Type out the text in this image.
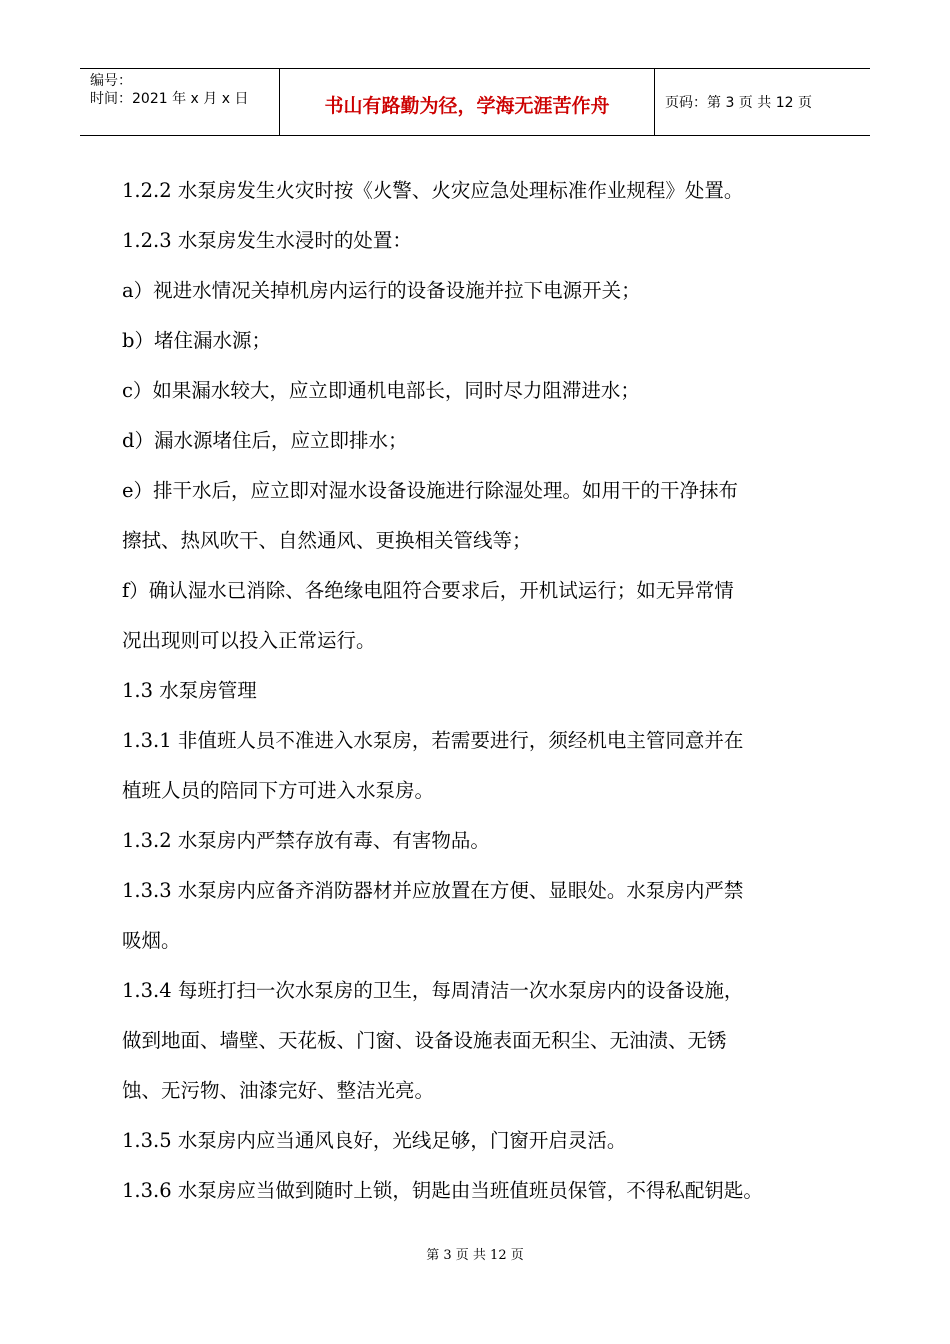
编号：
时间：2021 年 x 月 x 日	书山有路勤为径，学海无涯苦作舟	页码：第 3 页 共 12 页

1.2.2 水泵房发生火灾时按《火警、火灾应急处理标准作业规程》处置。

1.2.3 水泵房发生水浸时的处置：

a）视进水情况关掉机房内运行的设备设施并拉下电源开关；

b）堵住漏水源；

c）如果漏水较大，应立即通机电部长，同时尽力阻滞进水；

d）漏水源堵住后，应立即排水；

e）排干水后，应立即对湿水设备设施进行除湿处理。如用干的干净抹布

擦拭、热风吹干、自然通风、更换相关管线等；

f）确认湿水已消除、各绝缘电阻符合要求后，开机试运行；如无异常情

况出现则可以投入正常运行。

1.3 水泵房管理

1.3.1 非值班人员不准进入水泵房，若需要进行，须经机电主管同意并在

植班人员的陪同下方可进入水泵房。

1.3.2 水泵房内严禁存放有毒、有害物品。

1.3.3 水泵房内应备齐消防器材并应放置在方便、显眼处。水泵房内严禁

吸烟。

1.3.4 每班打扫一次水泵房的卫生，每周清洁一次水泵房内的设备设施，

做到地面、墙壁、天花板、门窗、设备设施表面无积尘、无油渍、无锈

蚀、无污物、油漆完好、整洁光亮。

1.3.5 水泵房内应当通风良好，光线足够，门窗开启灵活。

1.3.6 水泵房应当做到随时上锁，钥匙由当班值班员保管，不得私配钥匙。

第 3 页 共 12 页
